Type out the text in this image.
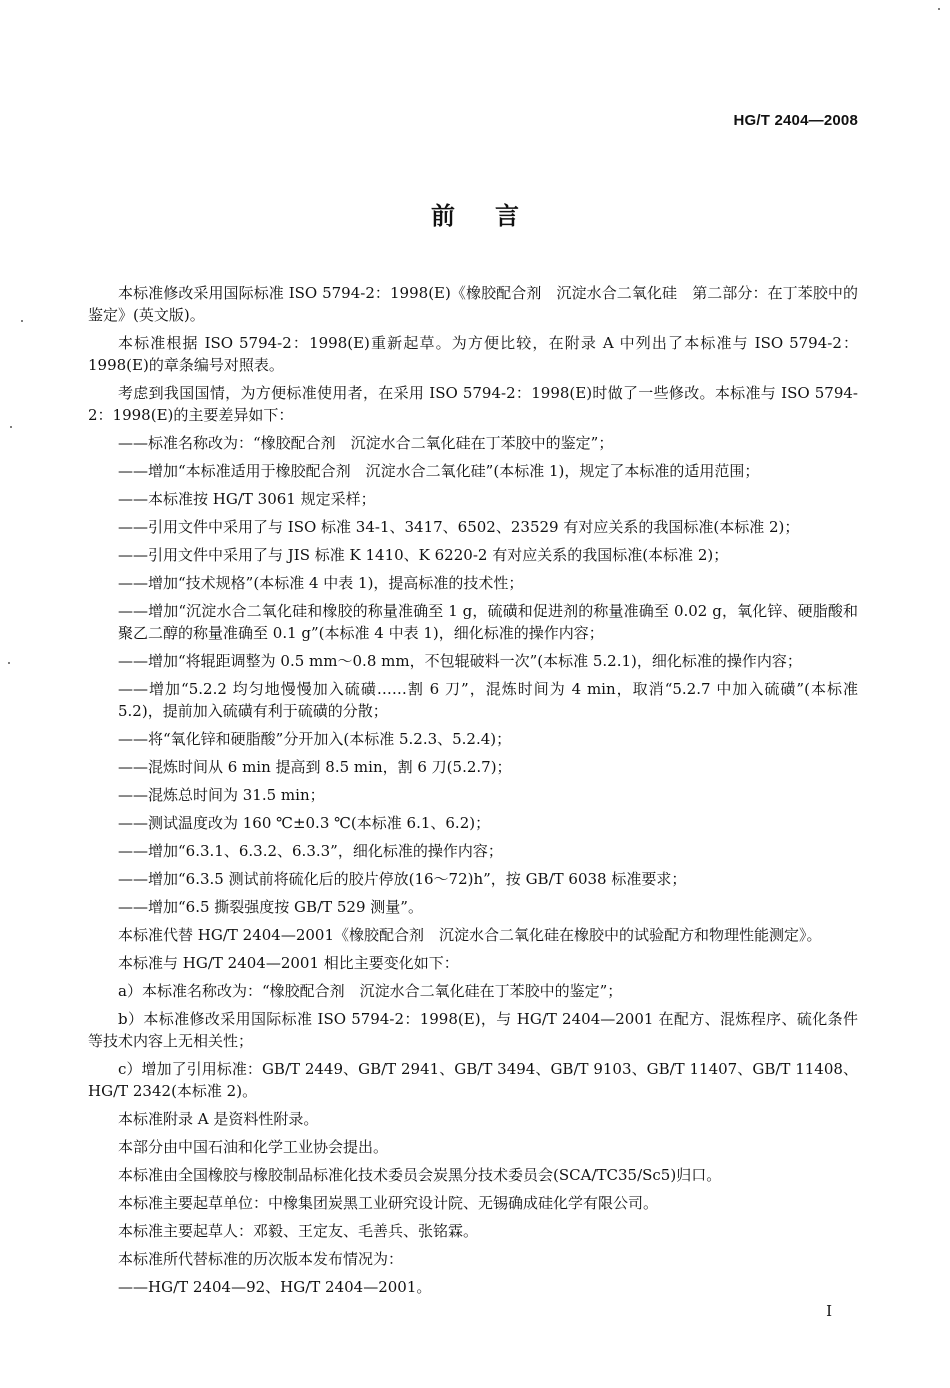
HG/T 2404—2008
前言

本标准修改采用国际标准 ISO 5794-2：1998(E)《橡胶配合剂　沉淀水合二氧化硅　第二部分：在丁苯胶中的鉴定》(英文版)。

本标准根据 ISO 5794-2：1998(E)重新起草。为方便比较，在附录 A 中列出了本标准与 ISO 5794-2：1998(E)的章条编号对照表。

考虑到我国国情，为方便标准使用者，在采用 ISO 5794-2：1998(E)时做了一些修改。本标准与 ISO 5794-2：1998(E)的主要差异如下：

——标准名称改为：“橡胶配合剂　沉淀水合二氧化硅在丁苯胶中的鉴定”；

——增加“本标准适用于橡胶配合剂　沉淀水合二氧化硅”(本标准 1)，规定了本标准的适用范围；

——本标准按 HG/T 3061 规定采样；

——引用文件中采用了与 ISO 标准 34-1、3417、6502、23529 有对应关系的我国标准(本标准 2)；

——引用文件中采用了与 JIS 标准 K 1410、K 6220-2 有对应关系的我国标准(本标准 2)；

——增加“技术规格”(本标准 4 中表 1)，提高标准的技术性；

——增加“沉淀水合二氧化硅和橡胶的称量准确至 1 g，硫磺和促进剂的称量准确至 0.02 g，氧化锌、硬脂酸和聚乙二醇的称量准确至 0.1 g”(本标准 4 中表 1)，细化标准的操作内容；

——增加“将辊距调整为 0.5 mm～0.8 mm，不包辊破料一次”(本标准 5.2.1)，细化标准的操作内容；

——增加“5.2.2 均匀地慢慢加入硫磺……割 6 刀”，混炼时间为 4 min，取消“5.2.7 中加入硫磺”(本标准 5.2)，提前加入硫磺有利于硫磺的分散；

——将“氧化锌和硬脂酸”分开加入(本标准 5.2.3、5.2.4)；

——混炼时间从 6 min 提高到 8.5 min，割 6 刀(5.2.7)；

——混炼总时间为 31.5 min；

——测试温度改为 160 ℃±0.3 ℃(本标准 6.1、6.2)；

——增加“6.3.1、6.3.2、6.3.3”，细化标准的操作内容；

——增加“6.3.5 测试前将硫化后的胶片停放(16～72)h”，按 GB/T 6038 标准要求；

——增加“6.5 撕裂强度按 GB/T 529 测量”。

本标准代替 HG/T 2404—2001《橡胶配合剂　沉淀水合二氧化硅在橡胶中的试验配方和物理性能测定》。

本标准与 HG/T 2404—2001 相比主要变化如下：

a）本标准名称改为：“橡胶配合剂　沉淀水合二氧化硅在丁苯胶中的鉴定”；

b）本标准修改采用国际标准 ISO 5794-2：1998(E)，与 HG/T 2404—2001 在配方、混炼程序、硫化条件等技术内容上无相关性；

c）增加了引用标准：GB/T 2449、GB/T 2941、GB/T 3494、GB/T 9103、GB/T 11407、GB/T 11408、HG/T 2342(本标准 2)。

本标准附录 A 是资料性附录。

本部分由中国石油和化学工业协会提出。

本标准由全国橡胶与橡胶制品标准化技术委员会炭黑分技术委员会(SCA/TC35/Sc5)归口。

本标准主要起草单位：中橡集团炭黑工业研究设计院、无锡确成硅化学有限公司。

本标准主要起草人：邓毅、王定友、毛善兵、张铭霖。

本标准所代替标准的历次版本发布情况为：

——HG/T 2404—92、HG/T 2404—2001。

I
